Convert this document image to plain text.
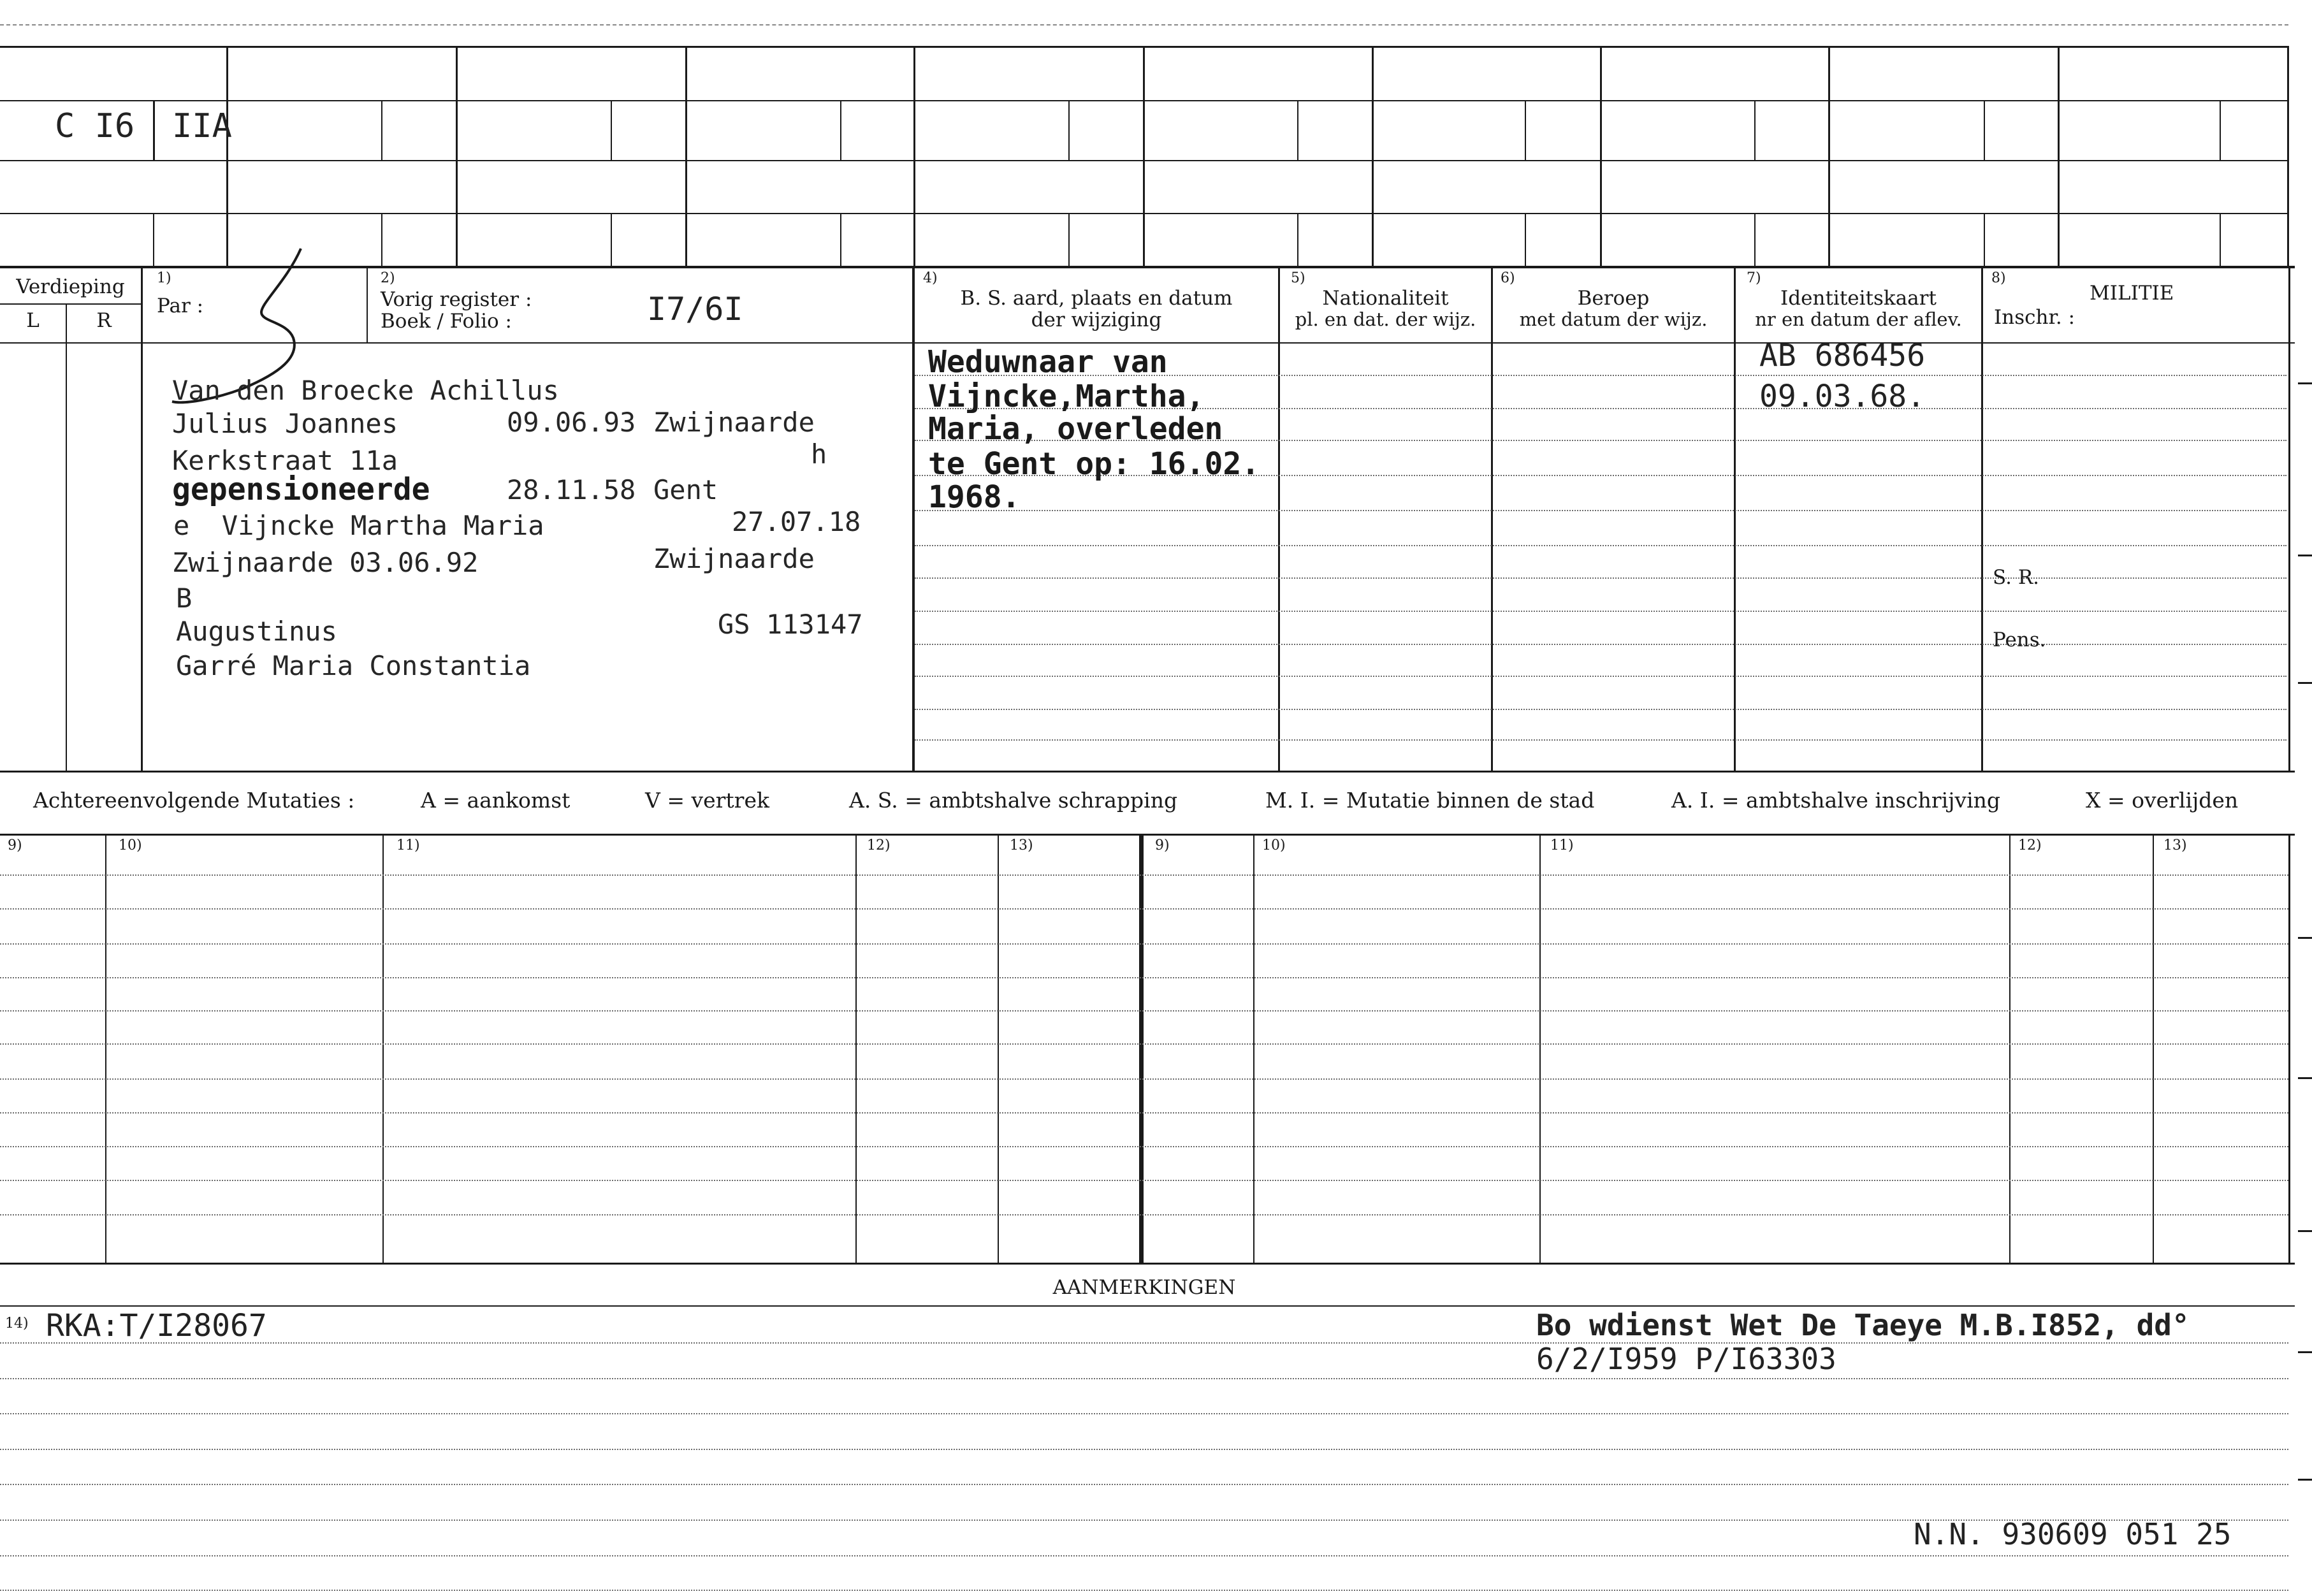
C I6 IIA
Verdieping
L	R
1)
Par :
2)
Vorig register :
Boek / Folio :	I7/6I
4)
B. S. aard, plaats en datum
der wijziging
5)
Nationaliteit
pl. en dat. der wijz.
6)
Beroep
met datum der wijz.
7)
Identiteitskaart
nr en datum der aflev.
8)
MILITIE
Inschr. :
Van den Broecke Achillus
Julius Joannes	09.06.93 Zwijnaarde
Kerkstraat 11a	h
gepensioneerde	28.11.58 Gent
e  Vijncke Martha Maria	27.07.18
Zwijnaarde 03.06.92	Zwijnaarde
B
Augustinus	GS 113147
Garré Maria Constantia
Weduwnaar van
Vijncke,Martha,
Maria, overleden
te Gent op: 16.02.
1968.
AB 686456
09.03.68.
S. R.
Pens.
Achtereenvolgende Mutaties :	A = aankomst	V = vertrek	A. S. = ambtshalve schrapping	M. I. = Mutatie binnen de stad	A. I. = ambtshalve inschrijving	X = overlijden
9)	10)	11)	12)	13)	9)	10)	11)	12)	13)
AANMERKINGEN
14) RKA:T/I28067	Bo wdienst Wet De Taeye M.B.I852, dd°
6/2/I959 P/I63303
N.N. 930609 051 25
